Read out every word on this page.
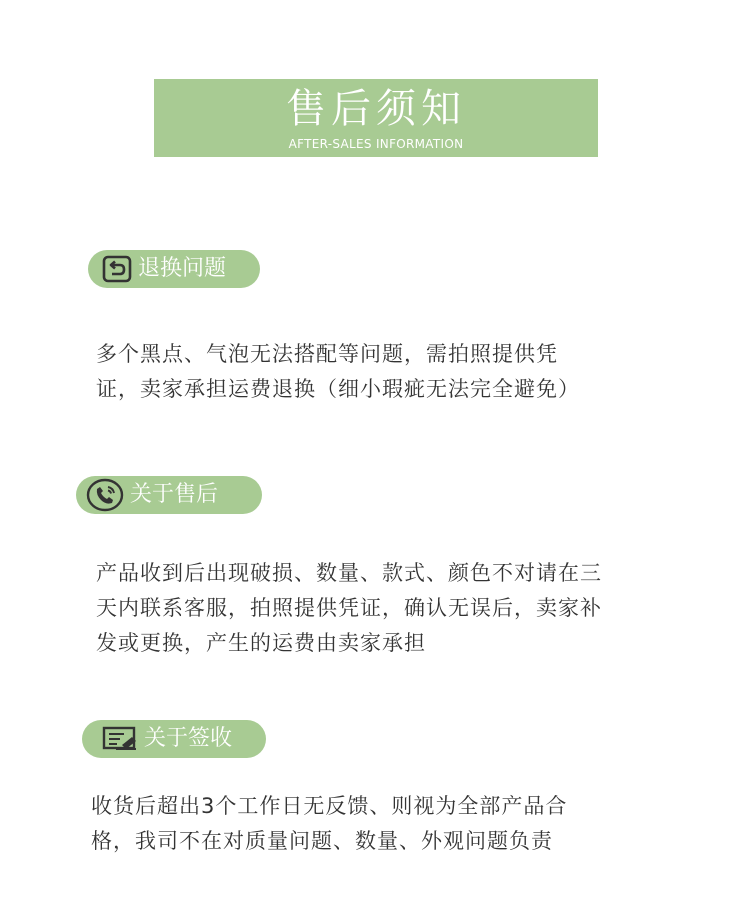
售后须知
AFTER-SALES INFORMATION
退换问题
多个黑点、气泡无法搭配等问题，需拍照提供凭
证，卖家承担运费退换（细小瑕疵无法完全避免）
关于售后
产品收到后出现破损、数量、款式、颜色不对请在三
天内联系客服，拍照提供凭证，确认无误后，卖家补
发或更换，产生的运费由卖家承担
关于签收
收货后超出3个工作日无反馈、则视为全部产品合
格，我司不在对质量问题、数量、外观问题负责
